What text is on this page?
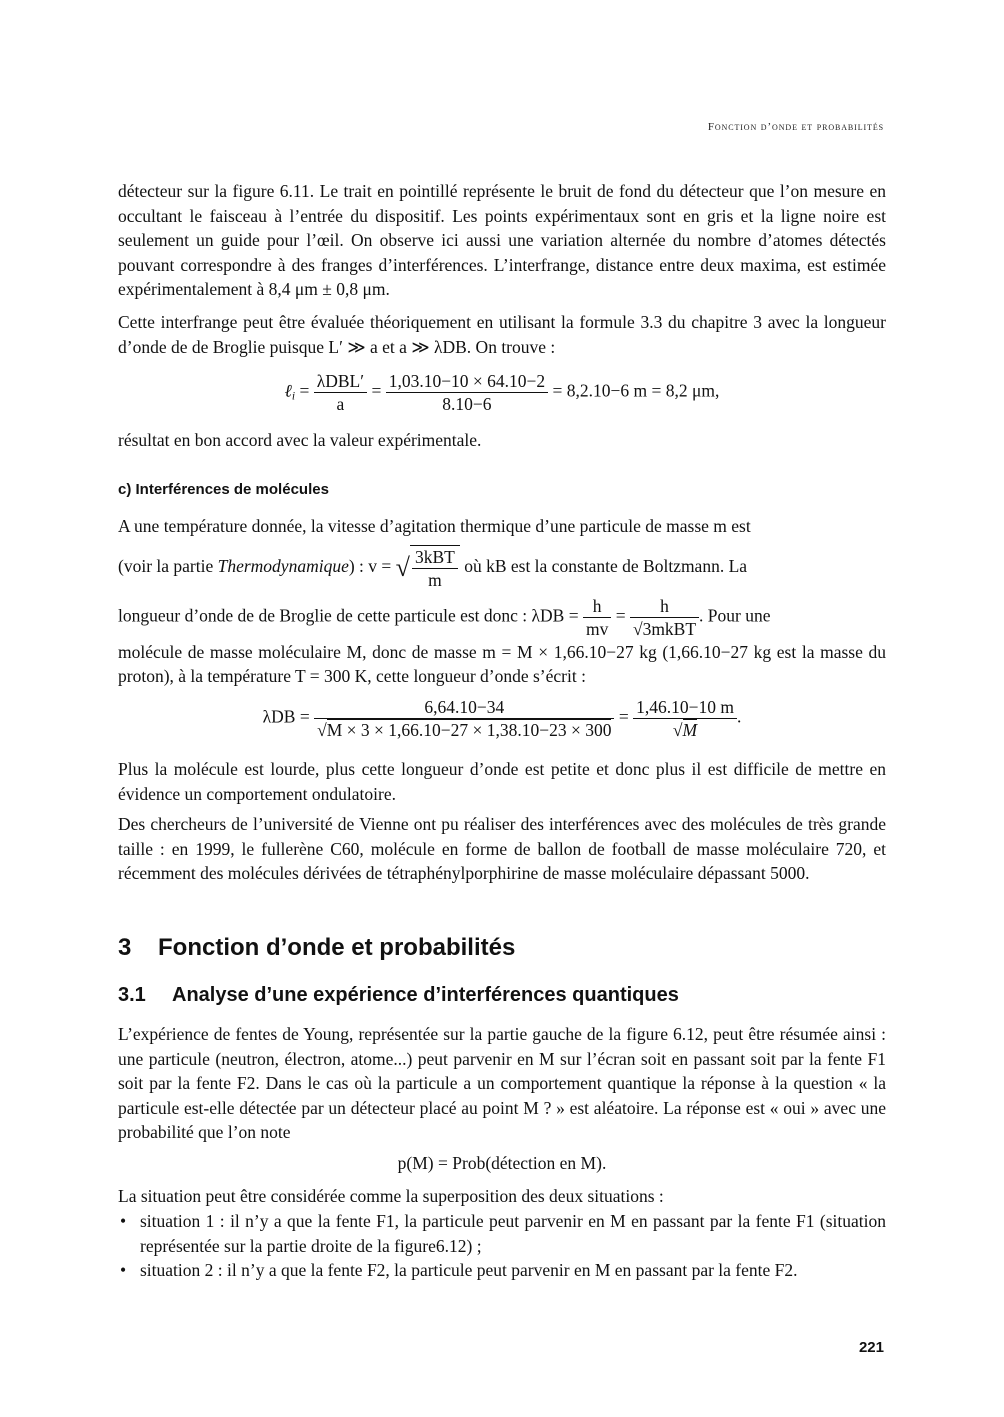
Fonction d’onde et probabilités

détecteur sur la figure 6.11. Le trait en pointillé représente le bruit de fond du détecteur que l’on mesure en occultant le faisceau à l’entrée du dispositif. Les points expérimentaux sont en gris et la ligne noire est seulement un guide pour l’œil. On observe ici aussi une variation alternée du nombre d’atomes détectés pouvant correspondre à des franges d’interférences. L’interfrange, distance entre deux maxima, est estimée expérimentalement à 8,4 μm ± 0,8 μm.

Cette interfrange peut être évaluée théoriquement en utilisant la formule 3.3 du chapitre 3 avec la longueur d’onde de de Broglie puisque L′ ≫ a et a ≫ λDB. On trouve :

ℓ$_i$ = $\frac{\text{λDBL′}}{a} = \frac{1,03.10-10 \times 64.10-2}{8.10-6} = 8,2.10-6$ m = 8,2 μm,

résultat en bon accord avec la valeur expérimentale.

c) Interférences de molécules

A une température donnée, la vitesse d’agitation thermique d’une particule de masse m est

(voir la partie Thermodynamique) : v = √ $\frac{\text{3kBT}}{m}$ où kB est la constante de Boltzmann. La

longueur d’onde de de Broglie de cette particule est donc : $\lambda DB = \frac{h}{mv} = \frac{h}{\text{√3mkBT}}$ . Pour une

molécule de masse moléculaire M, donc de masse m = M × 1,66.10−27 kg (1,66.10−27 kg est la masse du proton), à la température T = 300 K, cette longueur d’onde s’écrit :

$\lambda DB = \frac{6,64.10-34}{√M \times 3 \times 1,66.10-27 \times 1,38.10-23 \times 300} = \frac{1,46.10-10 m}{√M}$ .

Plus la molécule est lourde, plus cette longueur d’onde est petite et donc plus il est difficile de mettre en évidence un comportement ondulatoire.

Des chercheurs de l’université de Vienne ont pu réaliser des interférences avec des molécules de très grande taille : en 1999, le fullerène C60, molécule en forme de ballon de football de masse moléculaire 720, et récemment des molécules dérivées de tétraphénylporphirine de masse moléculaire dépassant 5000.

3 Fonction d’onde et probabilités
3.1 Analyse d’une expérience d’interférences quantiques

L’expérience de fentes de Young, représentée sur la partie gauche de la figure 6.12, peut être résumée ainsi : une particule (neutron, électron, atome...) peut parvenir en M sur l’écran soit en passant soit par la fente F1 soit par la fente F2. Dans le cas où la particule a un comportement quantique la réponse à la question « la particule est-elle détectée par un détecteur placé au point M ? » est aléatoire. La réponse est « oui » avec une probabilité que l’on note

p(M) = Prob(détection en M).

La situation peut être considérée comme la superposition des deux situations :

• situation 1 : il n’y a que la fente F1, la particule peut parvenir en M en passant par la fente F1 (situation représentée sur la partie droite de la figure6.12) ;
• situation 2 : il n’y a que la fente F2, la particule peut parvenir en M en passant par la fente F2.
221
